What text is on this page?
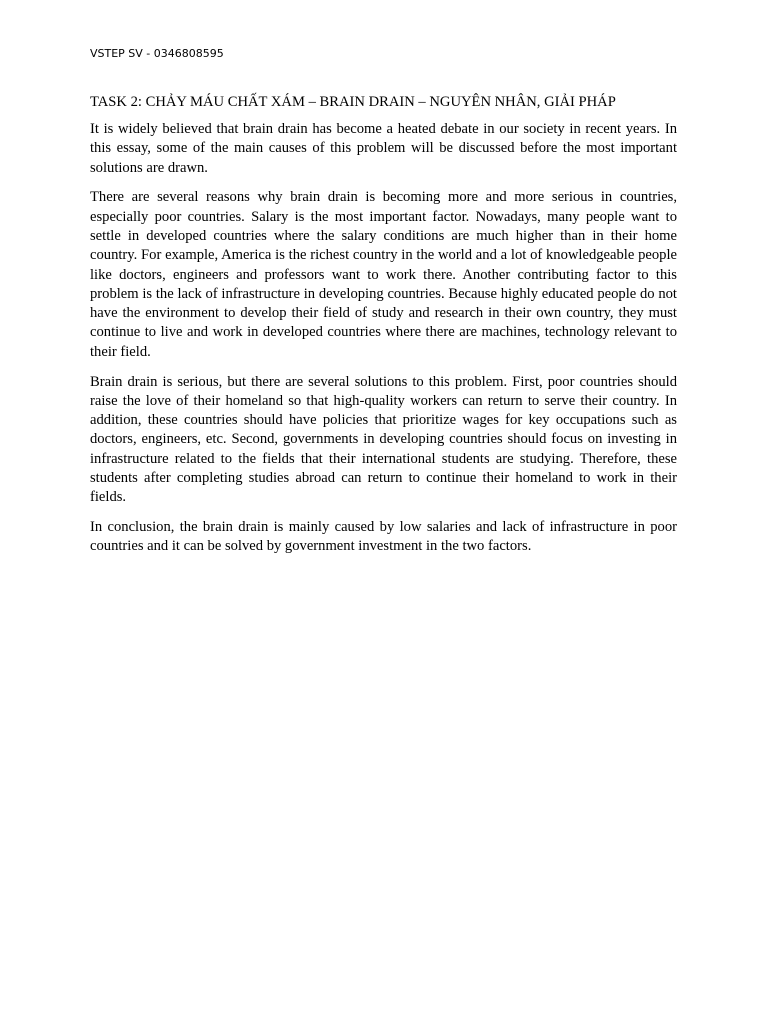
VSTEP SV - 0346808595

TASK 2: CHẢY MÁU CHẤT XÁM – BRAIN DRAIN – NGUYÊN NHÂN, GIẢI PHÁP

It is widely believed that brain drain has become a heated debate in our society in recent years. In this essay, some of the main causes of this problem will be discussed before the most important solutions are drawn.

There are several reasons why brain drain is becoming more and more serious in countries, especially poor countries. Salary is the most important factor. Nowadays, many people want to settle in developed countries where the salary conditions are much higher than in their home country. For example, America is the richest country in the world and a lot of knowledgeable people like doctors, engineers and professors want to work there. Another contributing factor to this problem is the lack of infrastructure in developing countries. Because highly educated people do not have the environment to develop their field of study and research in their own country, they must continue to live and work in developed countries where there are machines, technology relevant to their field.

Brain drain is serious, but there are several solutions to this problem. First, poor countries should raise the love of their homeland so that high-quality workers can return to serve their country. In addition, these countries should have policies that prioritize wages for key occupations such as doctors, engineers, etc. Second, governments in developing countries should focus on investing in infrastructure related to the fields that their international students are studying. Therefore, these students after completing studies abroad can return to continue their homeland to work in their fields.

In conclusion, the brain drain is mainly caused by low salaries and lack of infrastructure in poor countries and it can be solved by government investment in the two factors.
